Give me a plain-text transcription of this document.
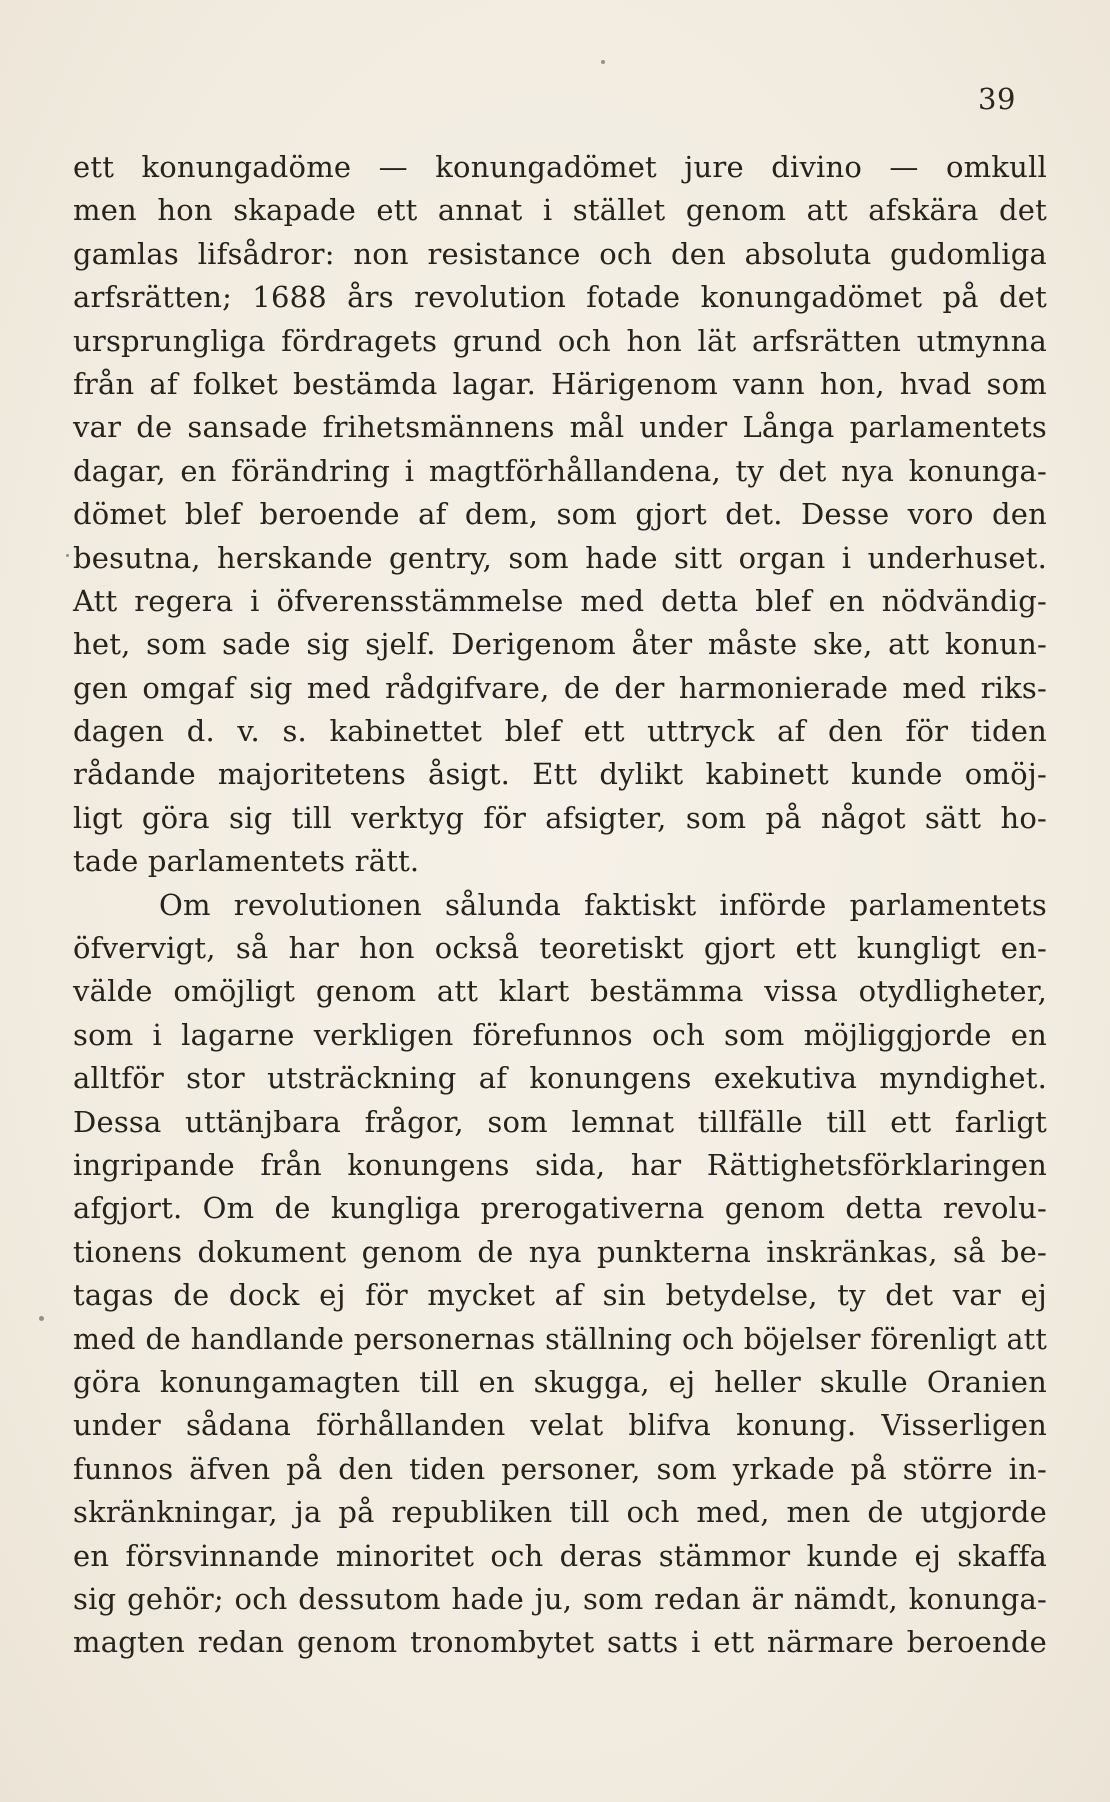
39
ett konungadöme — konungadömet jure divino — omkull
men hon skapade ett annat i stället genom att afskära det
gamlas lifsådror: non resistance och den absoluta gudomliga
arfsrätten; 1688 års revolution fotade konungadömet på det
ursprungliga fördragets grund och hon lät arfsrätten utmynna
från af folket bestämda lagar. Härigenom vann hon, hvad som
var de sansade frihetsmännens mål under Långa parlamentets
dagar, en förändring i magtförhållandena, ty det nya konunga-
dömet blef beroende af dem, som gjort det. Desse voro den
besutna, herskande gentry, som hade sitt organ i underhuset.
Att regera i öfverensstämmelse med detta blef en nödvändig-
het, som sade sig sjelf. Derigenom åter måste ske, att konun-
gen omgaf sig med rådgifvare, de der harmonierade med riks-
dagen d. v. s. kabinettet blef ett uttryck af den för tiden
rådande majoritetens åsigt. Ett dylikt kabinett kunde omöj-
ligt göra sig till verktyg för afsigter, som på något sätt ho-
tade parlamentets rätt.
Om revolutionen sålunda faktiskt införde parlamentets
öfvervigt, så har hon också teoretiskt gjort ett kungligt en-
välde omöjligt genom att klart bestämma vissa otydligheter,
som i lagarne verkligen förefunnos och som möjliggjorde en
alltför stor utsträckning af konungens exekutiva myndighet.
Dessa uttänjbara frågor, som lemnat tillfälle till ett farligt
ingripande från konungens sida, har Rättighetsförklaringen
afgjort. Om de kungliga prerogativerna genom detta revolu-
tionens dokument genom de nya punkterna inskränkas, så be-
tagas de dock ej för mycket af sin betydelse, ty det var ej
med de handlande personernas ställning och böjelser förenligt att
göra konungamagten till en skugga, ej heller skulle Oranien
under sådana förhållanden velat blifva konung. Visserligen
funnos äfven på den tiden personer, som yrkade på större in-
skränkningar, ja på republiken till och med, men de utgjorde
en försvinnande minoritet och deras stämmor kunde ej skaffa
sig gehör; och dessutom hade ju, som redan är nämdt, konunga-
magten redan genom tronombytet satts i ett närmare beroende
